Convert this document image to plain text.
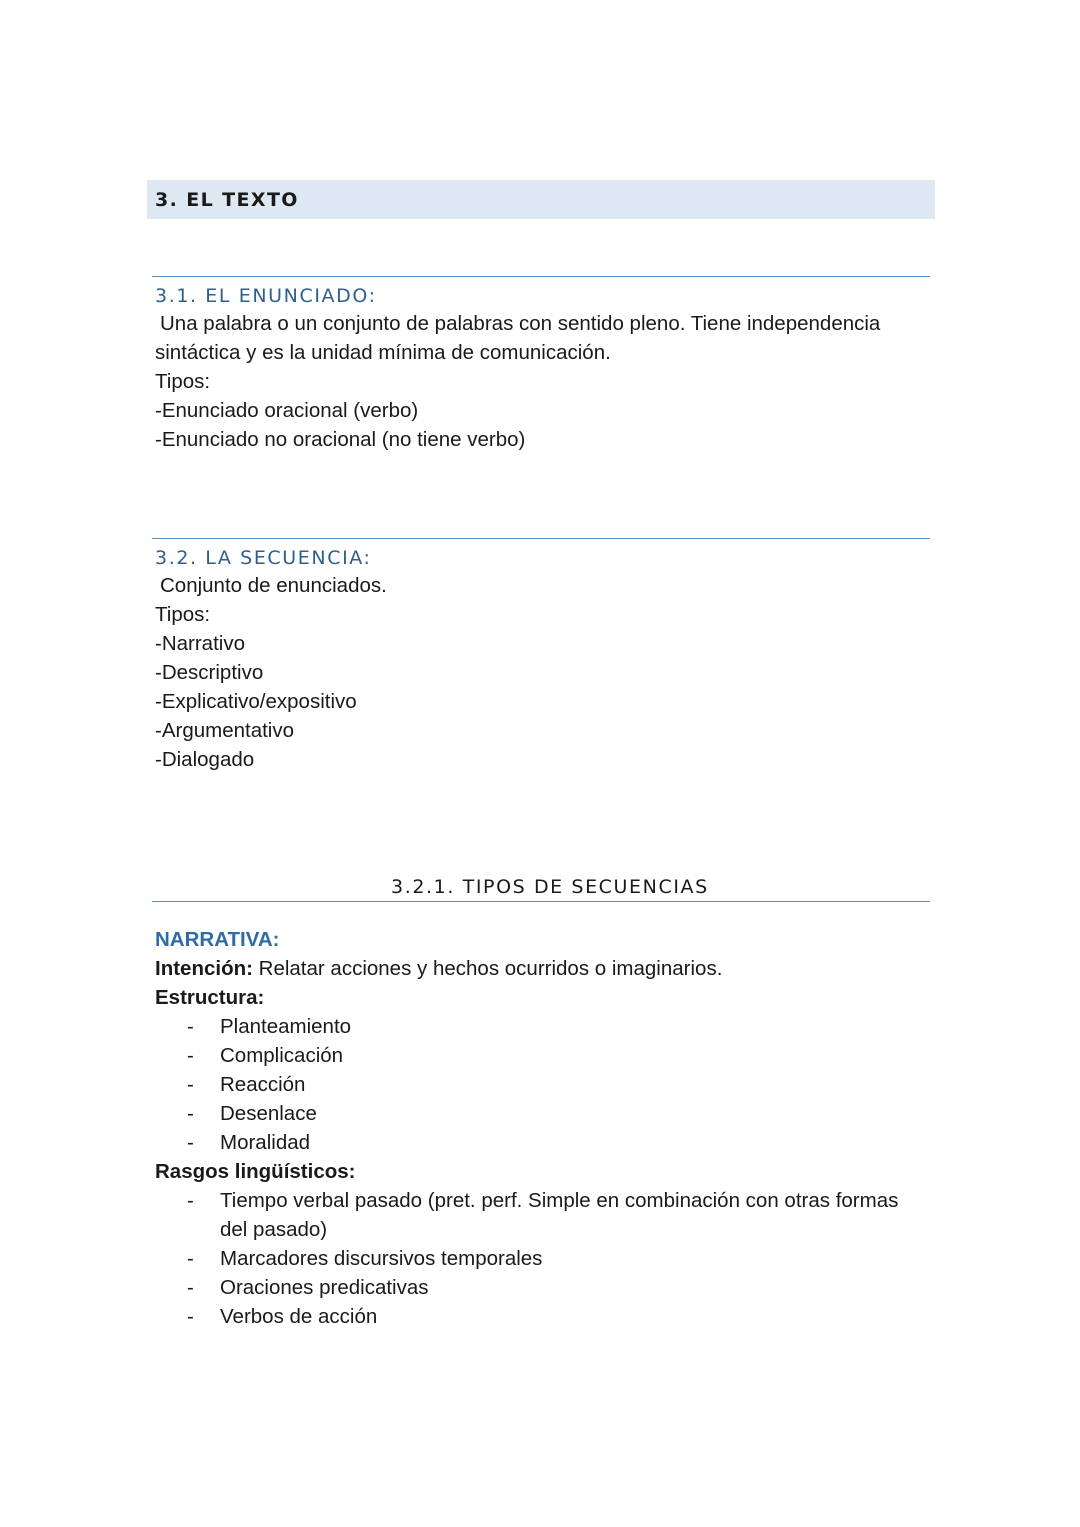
3. EL TEXTO
3.1. EL ENUNCIADO:

Una palabra o un conjunto de palabras con sentido pleno. Tiene independencia

sintáctica y es la unidad mínima de comunicación.

Tipos:

-Enunciado oracional (verbo)

-Enunciado no oracional (no tiene verbo)

3.2. LA SECUENCIA:

Conjunto de enunciados.

Tipos:

-Narrativo

-Descriptivo

-Explicativo/expositivo

-Argumentativo

-Dialogado

3.2.1. TIPOS DE SECUENCIAS

NARRATIVA:

Intención: Relatar acciones y hechos ocurridos o imaginarios.

Estructura:

- Planteamiento
- Complicación
- Reacción
- Desenlace
- Moralidad

Rasgos lingüísticos:

- Tiempo verbal pasado (pret. perf. Simple en combinación con otras formas del pasado)
- Marcadores discursivos temporales
- Oraciones predicativas
- Verbos de acción
